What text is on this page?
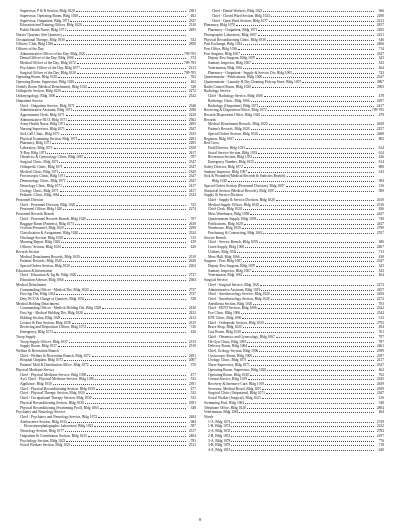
Supervisor, P & R Section, Bldg 1020	2381
Supervisor, Operating Room, Bldg 1020	462
Supervisor, Outpatient, Bldg 1071	2347
Education and Training Officer, Bldg 1020	2310
Public Health Nurse, Bldg 1071	2495
Nurses' Quarters (See Quarters)
Occupational Therapy, Bldg 1030	532
Officers' Club, Bldg 1036	2850
Officers of the Day
Administrative Officer of the Day, Bldg 1020	709-705
Dental Officer of the Day, Bldg 1006	374
Medical Officer of the Day, Bldg 1072	709-705
Psychiatric Officer of the Day, Bldg 1077	2213
Surgical Officer of the Day, Bldg 1020	709-705
Operating Room, Bldg 1020	762
Operating Room, Supervisor, Bldg 1020	462
Orderly Room (Medical Detachment), Bldg 1032	338
Orthopedic Section, Bldg 1020	2272
Otolaryngology, Bldg 1006	2342
Outpatient Service
Chief - Outpatient Service, Bldg 1071	2346
Administrative Assistant, Bldg 1071	2396
Appointment Clerk, Bldg 1071	2220
Administrative NCO, Bldg 1071	2362
Army Health Nurse, Bldg 1071	2495
Nursing Supervisor, Bldg 1071	2347
Sick Call Clinic, Bldg 1071	2335
Physical Examining Section, Bldg 1071	2281
Pharmacy, Bldg 1071	2285
Laboratory, Bldg 1071	2350
X-Ray, Bldg 1071	2417
Obstetrics & Gynecology Clinic, Bldg 1067	787
Surgical Clinic, Bldg 1071	2347
Orthopedic Clinic, Bldg 1071	2347
Medical Clinic, Bldg 1071	2345
Proctoscopic Clinic, Bldg 1071	2347
Dermatology Clinic, Bldg 1071	2347
Neurology Clinic, Bldg 1071	2417
Urology Clinic, Bldg 1071	2417
Pediatric Clinic, Bldg 1064	2334
Personnel Division
Chief - Personnel Division, Bldg 1020	743
Personnel Officer, Bldg 1020	2274
Personnel Records Branch
Chief - Personnel Records Branch, Bldg 1020	707
Baggage Room (Patients), Bldg 1073	2618
Civilian Personnel, Bldg 1020	2290
Classification & Assignment, Bldg 1020	2324
Discharge Section, Bldg 1020	315
Morning Report, Bldg 1020	439
Officers' Section, Bldg 1020	426
Records Section
Medical Detachment Records, Bldg 1020	2310
Patients' Records, Bldg 1020	2629
Special Orders Section, Bldg 1020	2262
Education & Information
Chief - Education & Trg Br, Bldg 1020	2727
Education Advisor, Bldg 1064	2384
Medical Detachment
Commanding Officer - Medical Det, Bldg 1020	2737
First Sgt Det, Bldg 1032	2727
Dety NCO & Charge of Quarters, Bldg 1032	338
Medical Holding Detachment
Commanding Officer - Medical Holding Det, Bldg 1028	2430
First Sgt - Medical Holding Det, Bldg 1028	2432
Holding Section, Bldg 1028	2212
Locator & Pass Section, Bldg 1028	2315
Receiving and Disposition Officer, Bldg 1072	726
Emergency, Bldg 1072	436
Troop Supply
Troop Supply Officer, Bldg 1037	2315
Supply Room, Bldg 1037	2510
Welfare & Recreation Branch
Chief - Welfare & Recreation Branch, Bldg 1072	2491
Hospital Chaplain, Bldg 1072	2007
Patients' Mail & Distribution Office, Bldg 1072	370
Physical Medicine Service
Chief - Physical Medicine Service, Bldg 1030	477
Ass't Chief - Physical Medicine Service, Bldg 1030	532
Appliance, Bldg 1030	2391
Chief - Physical Reconditioning Section, Bldg 1030	477
Chief - Physical Therapy Section, Bldg 1030	532
Chief - Occupational Therapy Section, Bldg 1030	532
Physical Reconditioning Section, Bldg 1030	2391
Physical Reconditioning (Swimming Pool), Bldg 1063	348
Psychiatry and Neurology Service
Chief - Psychiatry and Neurology Service, Bldg 1072	2404
Adolescence Section, Bldg 1023	684
Electroencephalographic Laboratory, Bldg 1023	587
Neurology Section, Bldg 1077	2317
Outpatient & Consultation Section, Bldg 1023	2404
Psychology Section, Bldg 1023	783
Social Workers Section, Bldg 1023	2513
Chief - Dental Workers, Bldg 1023	366
Chief - Closed Ward Section, Bldg 1023	2180
Chief - Open Ward Section, Bldg 1077	2213
Pharmacy, Bldg 1070	2817
Pharmacy - Outpatient, Bldg 1071	2285
Photographic Laboratory, Bldg 1007	2221
Physical Reconditioning Clinic, Bldg 1030	346
Post Exchange, Bldg 1034	2406
Post Office, Bldg 1036	714
Post Surgeon, Bldg 1007	2347
Deputy Post Surgeon, Bldg 1007	343
Sanitary Inspector, Bldg 1007	343
Veterinarian, Bldg 1061	464
Pharmacy - Outpatient - Supply & Service Div, Bldg 1005	742
Quartermaster - Publications, Bldg 1006	2347
Quartermaster - Laundry & Dry Cleaning Pick-up Store, Bldg 1037	2867
Radio Control Room, Bldg 1020	2963
Radiology Service
Chief - Radiology Service, Bldg 1006	478
Radiology Clinic, Bldg 1006	2297
Radiology (Outpatient), Bldg 1071	2417
Receiving & Disposition Office, Bldg 1072	709-705
Records Disposition Office, Bldg 1020	478
Records
Medical Detachment Records, Bldg 1020	2629
Patient's Records, Bldg 1020	2257
Special Orders Section, Bldg 1020	2408
Registrar, Bldg 1007	882
Red Cross
Field Director, Bldg 1033	614
Social Service Section, Bldg 1033	614
Recreation Section, Bldg 1033	426
Emergency Number, Bldg 1033	614
Safety Director, Bldg 1072	886
Sanitary Inspector, Bldg 1007	343
Sick & Wounded (Medical Records & Statistics Branch),
Bldg 1020	384
Special Orders Section (Personnel Division), Bldg 1007	316
Statistical Section (Medical Records), Bldg 1007	589
Supply & Service Division
Chief - Supply & Service Division, Bldg 1020	2610
Medical Supply Officer, Bldg 1020	2316
Chief Clerk, Bldg 1020	826
Mess Warehouse, Bldg 1058	2447
Quartermaster Supply, Bldg 1058	740
Publications, Bldg 1020	2447
Warehouse, Bldg 1059	2789
Purchasing & Contracting, Bldg 1041	2537
Service Branch
Chief - Service Branch, Bldg 1059	386
Linen Supply, Bldg 1060	2467
Utilities, Bldg 1042	713
Mess Hall, Bldg 1066	430
Surgeon - Post, Bldg 1007	2347
Deputy Post Surgeon, Bldg 1007	343
Sanitary Inspector, Bldg 1007	343
Veterinarian, Bldg 1061	464
Surgical Service
Chief - Surgical Service, Bldg 1020	2273
Administrative Assistant, Bldg 1019	2457
Chief - Anesthesiology Service, Bldg 1020	2456
Chief - Anesthesiology Section, Bldg 1020	2272
Anesthesia Section, Bldg 1020	763
Chief - EENT Section, Bldg 1006	2342
Eye Clinic, Bldg 1006	2342
ENT Clinic, Bldg 1006	313
Chief - Orthopedic Section, Bldg 1020	2792
Brace Shop, Bldg 1020	494
Cast Room, Bldg 1020	761
Chief - Obstetrics and Gynecology, Bldg 1067	787
Ob-Gyn Clinic, Bldg 1067	787
Delivery Room, Bldg 1064	2461
Chief, Urology Section, Bldg 1006	2399
Cystoscopic Room, Bldg 1006	2397
Urology Clinic, Bldg 1071	2417
Nurse Supervisor, Bldg 1071	2347
Operating Room, Supervisor, Bldg 1020	462
Operating Room, Bldg 1020	762
Central Service, Bldg 1019	2345
Recovery & Intensive Care, Bldg 1019	2639
Secretary, Medical Board, Bldg 1019	2639
Surgical Clinic (Outpatient), Bldg 1071	2347
Social Worker (Surgical), Bldg 1023	416
Swimming Pool, Bldg 1063	348
Telephone Office, Bldg 1020	2804
Veterinarian, Bldg 1061	464
Wards
1-A, Bldg 1074	2749
1-B, Bldg 1074	2222
2-A, Bldg 1033	2782
2-B, Bldg 1033	2197
3-A, Bldg 1078	776
3-B, Bldg 1078	718
4-A, Bldg 1018	640
8
